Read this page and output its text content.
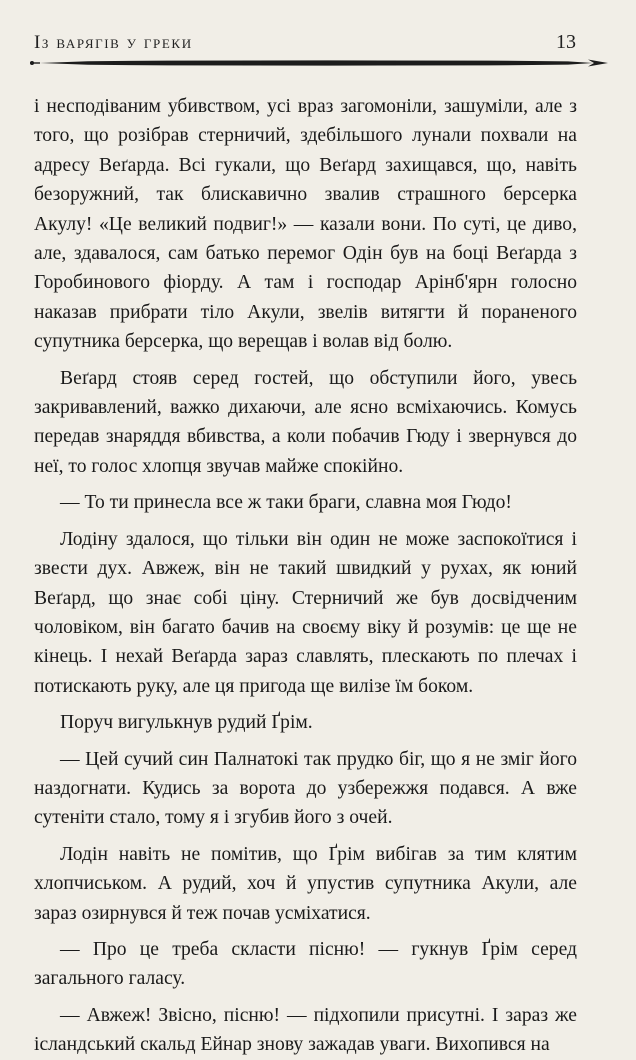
Із варягів у греки	13

і несподіваним убивством, усі враз загомоніли, зашуміли, але з того, що розібрав стерничий, здебільшого лунали похвали на адресу Веґарда. Всі гукали, що Веґард захищався, що, навіть безоружний, так блискавично звалив страшного берсерка Акулу! «Це великий подвиг!» — казали вони. По суті, це диво, але, здавалося, сам батько перемог Одін був на боці Веґарда з Горобинового фіорду. А там і господар Арінб'ярн голосно наказав прибрати тіло Акули, звелів витягти й пораненого супутника берсерка, що верещав і волав від болю.

Веґард стояв серед гостей, що обступили його, увесь закривавлений, важко дихаючи, але ясно всміхаючись. Комусь передав знаряддя вбивства, а коли побачив Гюду і звернувся до неї, то голос хлопця звучав майже спокійно.

— То ти принесла все ж таки браги, славна моя Гюдо!

Лодіну здалося, що тільки він один не може заспокоїтися і звести дух. Авжеж, він не такий швидкий у рухах, як юний Веґард, що знає собі ціну. Стерничий же був досвідченим чоловіком, він багато бачив на своєму віку й розумів: це ще не кінець. І нехай Веґарда зараз славлять, плескають по плечах і потискають руку, але ця пригода ще вилізе їм боком.

Поруч вигулькнув рудий Ґрім.

— Цей сучий син Палнатокі так прудко біг, що я не зміг його наздогнати. Кудись за ворота до узбережжя подався. А вже сутеніти стало, тому я і згубив його з очей.

Лодін навіть не помітив, що Ґрім вибігав за тим клятим хлопчиськом. А рудий, хоч й упустив супутника Акули, але зараз озирнувся й теж почав усміхатися.

— Про це треба скласти пісню! — гукнув Ґрім серед загального галасу.

— Авжеж! Звісно, пісню! — підхопили присутні. І зараз же ісландський скальд Ейнар знову зажадав уваги. Вихопився на
